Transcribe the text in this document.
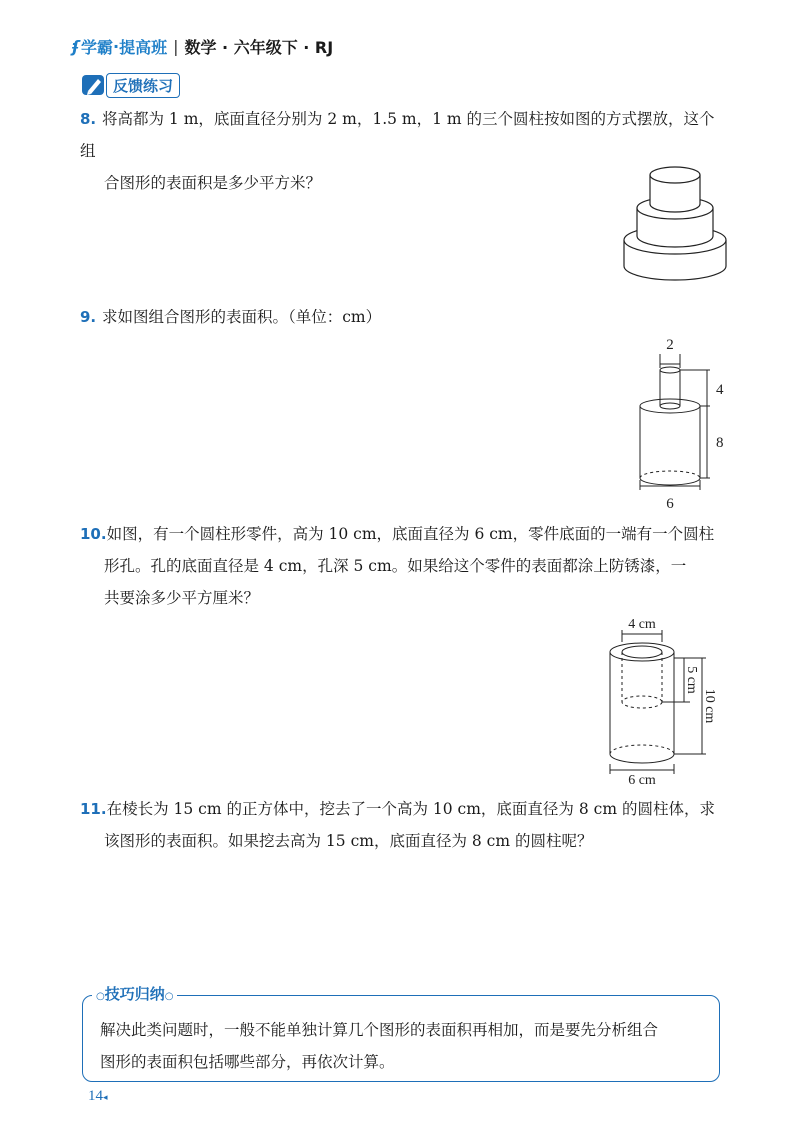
ʄ 学霸 · 提高班 | 数学 · 六年级下 · RJ
反馈练习
8. 将高都为 1 m，底面直径分别为 2 m，1.5 m，1 m 的三个圆柱按如图的方式摆放，这个组
合图形的表面积是多少平方米？
9. 求如图组合图形的表面积。（单位：cm）
2
4
8
6
10.如图，有一个圆柱形零件，高为 10 cm，底面直径为 6 cm，零件底面的一端有一个圆柱
形孔。孔的底面直径是 4 cm，孔深 5 cm。如果给这个零件的表面都涂上防锈漆，一
共要涂多少平方厘米？
4 cm
5 cm
10 cm
6 cm
11.在棱长为 15 cm 的正方体中，挖去了一个高为 10 cm，底面直径为 8 cm 的圆柱体，求
该图形的表面积。如果挖去高为 15 cm，底面直径为 8 cm 的圆柱呢？
○技巧归纳○
解决此类问题时，一般不能单独计算几个图形的表面积再相加，而是要先分析组合
图形的表面积包括哪些部分，再依次计算。
14◂
